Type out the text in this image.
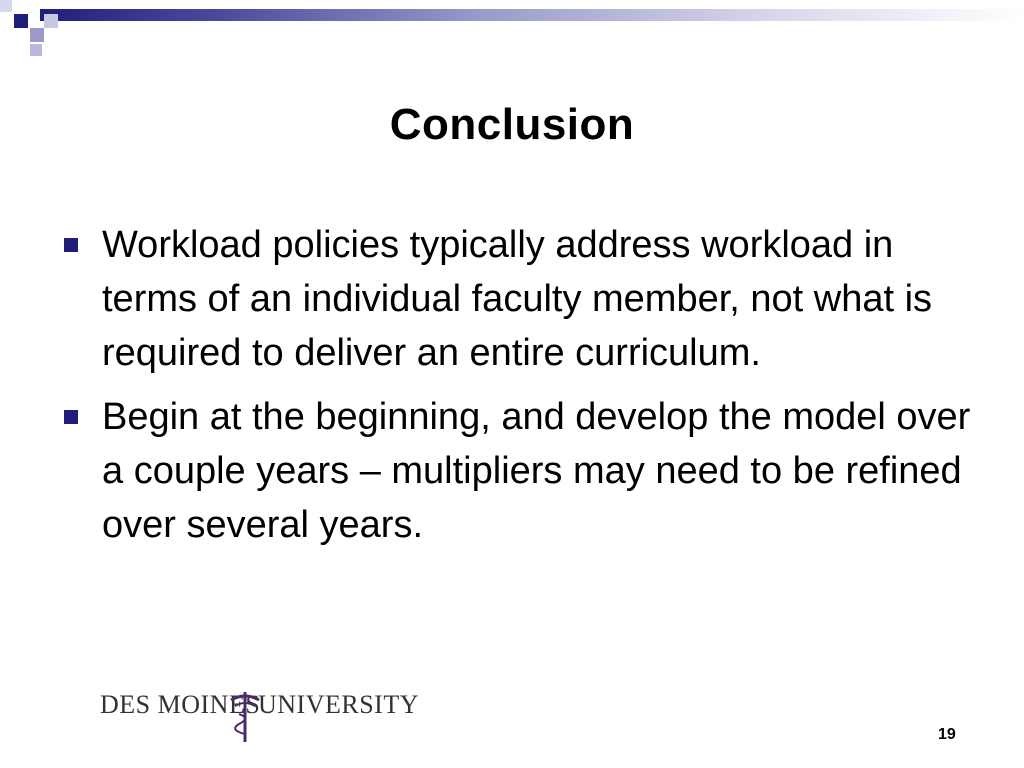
Conclusion
Workload policies typically address workload in terms of an individual faculty member, not what is required to deliver an entire curriculum.
Begin at the beginning, and develop the model over a couple years – multipliers may need to be refined over several years.
DES MOINES
UNIVERSITY
19
